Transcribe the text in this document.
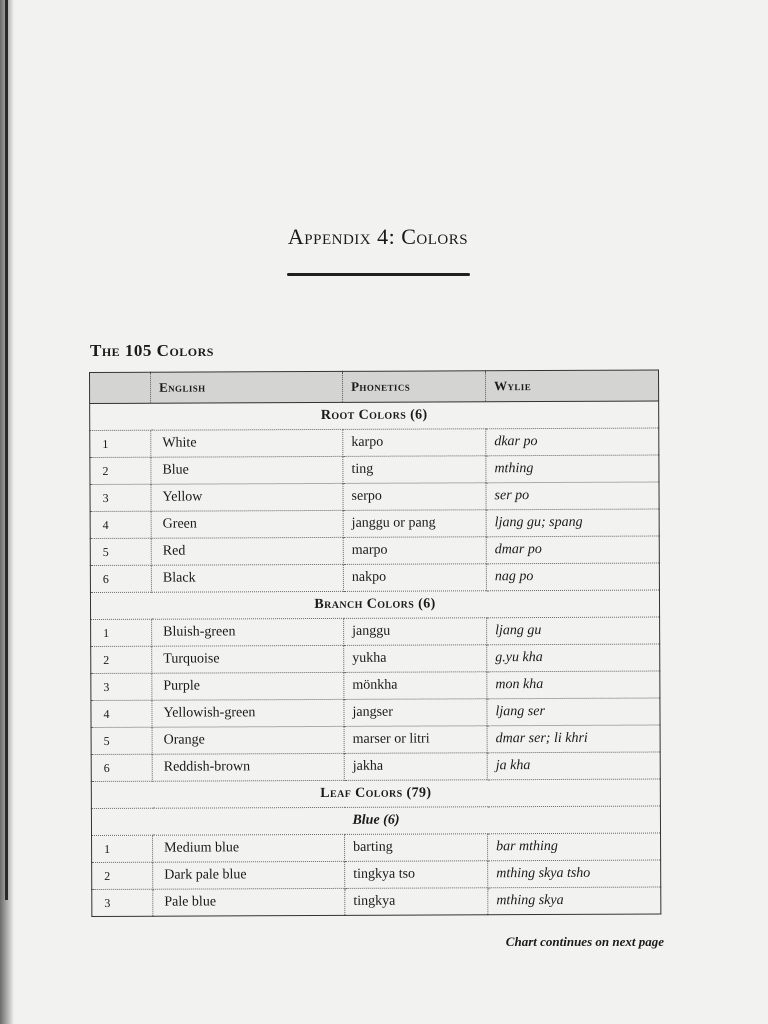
Appendix 4: Colors
The 105 Colors
	English	Phonetics	Wylie
Root Colors (6)			
1	White	karpo	dkar po
2	Blue	ting	mthing
3	Yellow	serpo	ser po
4	Green	janggu or pang	ljang gu; spang
5	Red	marpo	dmar po
6	Black	nakpo	nag po
Branch Colors (6)			
1	Bluish-green	janggu	ljang gu
2	Turquoise	yukha	g.yu kha
3	Purple	mönkha	mon kha
4	Yellowish-green	jangser	ljang ser
5	Orange	marser or litri	dmar ser; li khri
6	Reddish-brown	jakha	ja kha
Leaf Colors (79)			
Blue (6)			
1	Medium blue	barting	bar mthing
2	Dark pale blue	tingkya tso	mthing skya tsho
3	Pale blue	tingkya	mthing skya
Chart continues on next page
